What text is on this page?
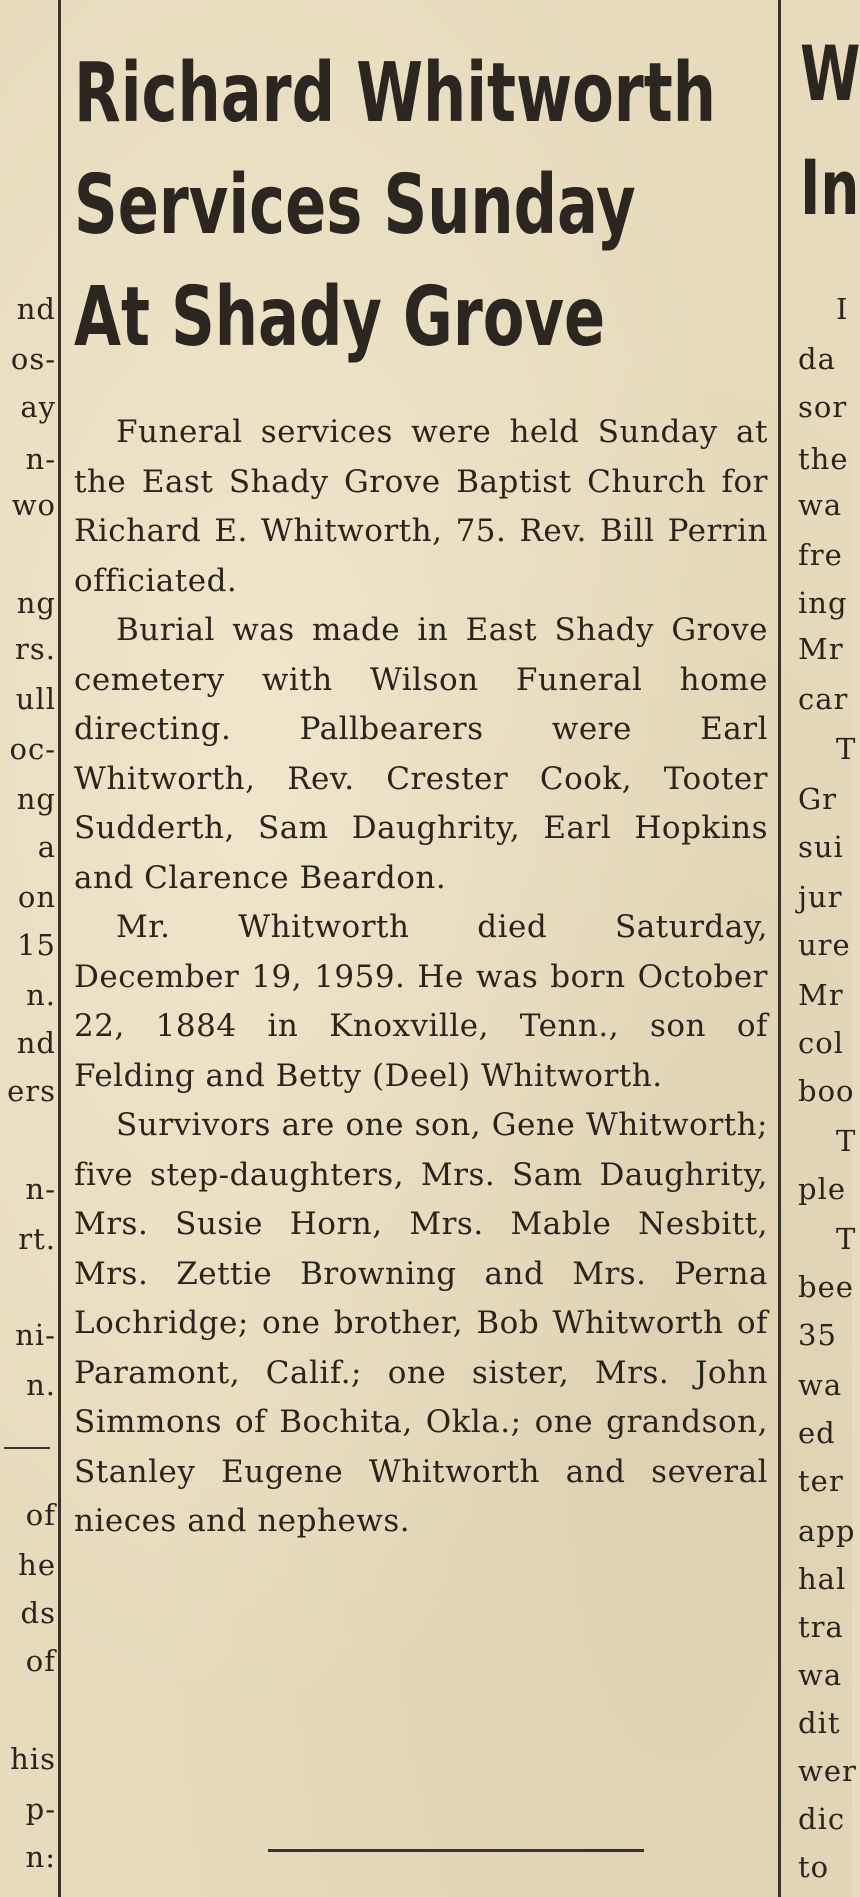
nd
os-
ay
n-
wo
ng
rs.
ull
oc-
ng
a
on
15
n.
nd
ers
n-
rt.
ni-
n.
of
he
ds
of
his
p-
n:
Richard Whitworth
Services Sunday
At Shady Grove

Funeral services were held Sunday at the East Shady Grove Baptist Church for Richard E. Whitworth, 75. Rev. Bill Perrin officiated.

Burial was made in East Shady Grove cemetery with Wilson Funeral home directing. Pallbearers were Earl Whitworth, Rev. Crester Cook, Tooter Sudderth, Sam Daughrity, Earl Hopkins and Clarence Beardon.

Mr. Whitworth died Saturday, December 19, 1959. He was born October 22, 1884 in Knoxville, Tenn., son of Felding and Betty (Deel) Whitworth.

Survivors are one son, Gene Whitworth; five step-daughters, Mrs. Sam Daughrity, Mrs. Susie Horn, Mrs. Mable Nesbitt, Mrs. Zettie Browning and Mrs. Perna Lochridge; one brother, Bob Whitworth of Paramont, Calif.; one sister, Mrs. John Simmons of Bochita, Okla.; one grandson, Stanley Eugene Whitworth and several nieces and nephews.

W
In
I
da
sor
the
wa
fre
ing
Mr
car
T
Gr
sui
jur
ure
Mr
col
boo
T
ple
T
bee
35
wa
ed
ter
app
hal
tra
wa
dit
wer
dic
to
